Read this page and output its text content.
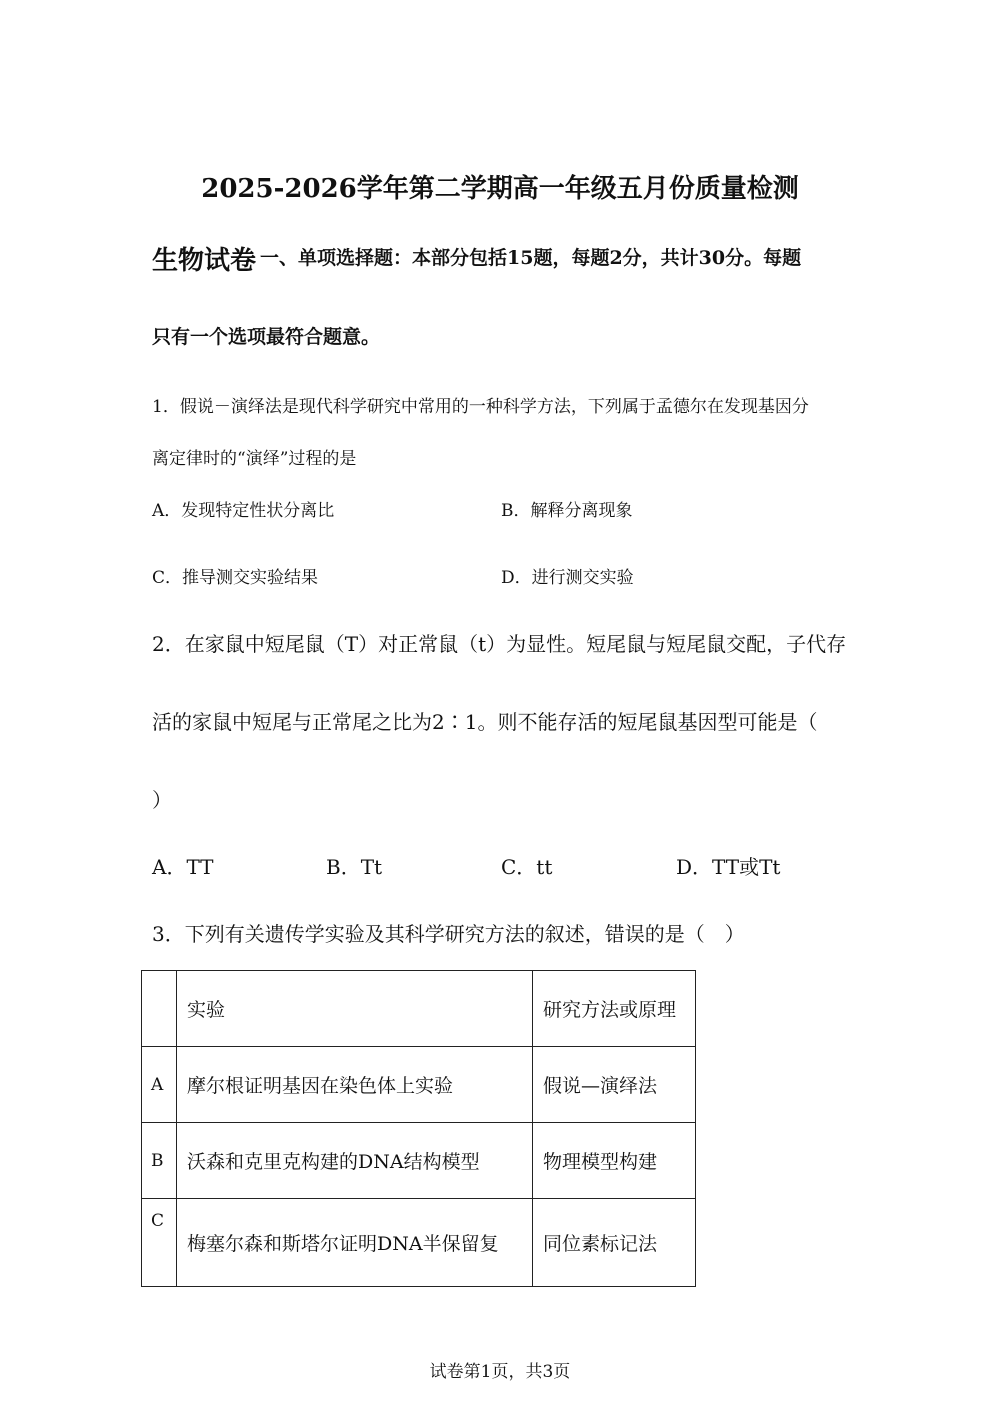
2025-2026学年第二学期高一年级五月份质量检测
生物试卷 一、单项选择题：本部分包括15题，每题2分，共计30分。每题
只有一个选项最符合题意。
1．假说－演绎法是现代科学研究中常用的一种科学方法，下列属于孟德尔在发现基因分
离定律时的“演绎”过程的是
A．发现特定性状分离比	B．解释分离现象
C．推导测交实验结果	D．进行测交实验
2．在家鼠中短尾鼠（T）对正常鼠（t）为显性。短尾鼠与短尾鼠交配，子代存
活的家鼠中短尾与正常尾之比为2∶1。则不能存活的短尾鼠基因型可能是（
）
A．TT	B．Tt	C．tt	D．TT或Tt
3．下列有关遗传学实验及其科学研究方法的叙述，错误的是（　）
	实验	研究方法或原理
A	摩尔根证明基因在染色体上实验	假说—演绎法
B	沃森和克里克构建的DNA结构模型	物理模型构建
C	梅塞尔森和斯塔尔证明DNA半保留复	同位素标记法
试卷第1页，共3页
